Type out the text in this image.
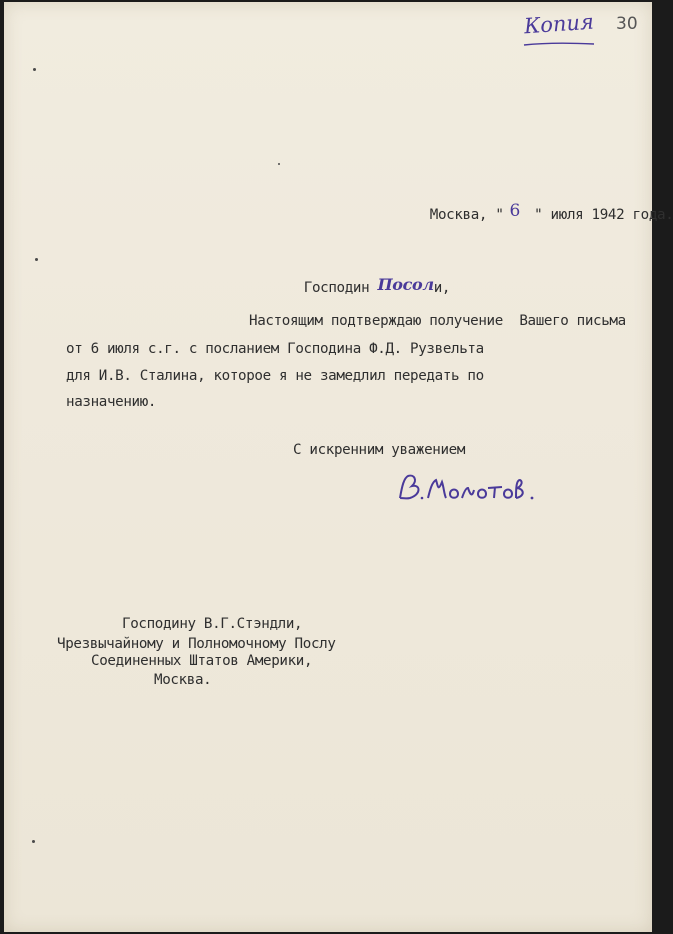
Копия 30

Москва, " 6 " июля 1942 года.

Господин Посоли,

Настоящим подтверждаю получение  Вашего письма
от 6 июля с.г. с посланием Господина Ф.Д. Рузвельта
для И.В. Сталина, которое я не замедлил передать по
назначению.
С искренним уважением
Господину В.Г.Стэндли,
Чрезвычайному и Полномочному Послу
Соединенных Штатов Америки,
Москва.
